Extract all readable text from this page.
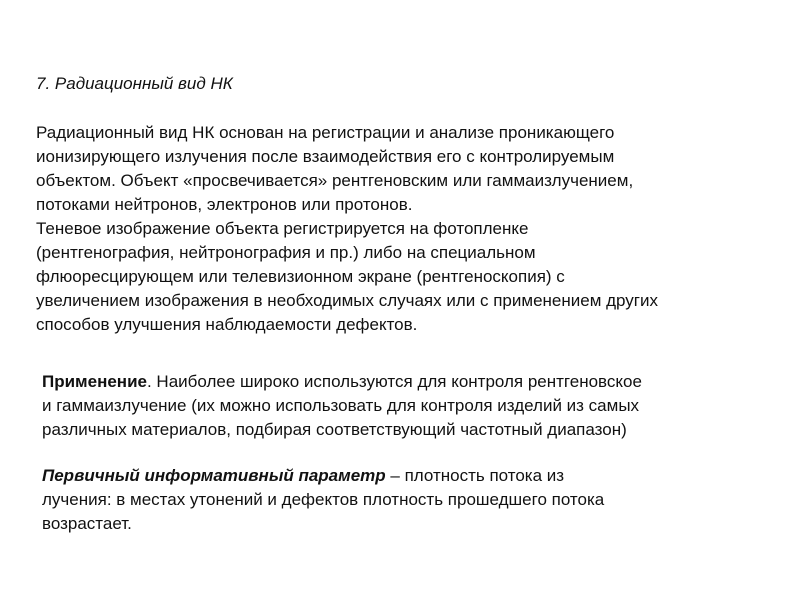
7. Радиационный вид НК

Радиационный вид НК основан на регистрации и анализе проникающего
ионизирующего излучения после взаимодействия его с контролируемым
объектом. Объект «просвечивается» рентгеновским или гаммаизлучением,
потоками нейтронов, электронов или протонов.
Теневое изображение объекта регистрируется на фотопленке
(рентгенография, нейтронография и пр.) либо на специальном
флюоресцирующем или телевизионном экране (рентгеноскопия) с
увеличением изображения в необходимых случаях или с применением других
способов улучшения наблюдаемости дефектов.

Применение. Наиболее широко используются для контроля рентгеновское
и гаммаизлучение (их можно использовать для контроля изделий из самых
различных материалов, подбирая соответствующий частотный диапазон)

Первичный информативный параметр – плотность потока из
лучения: в местах утонений и дефектов плотность прошедшего потока
возрастает.
